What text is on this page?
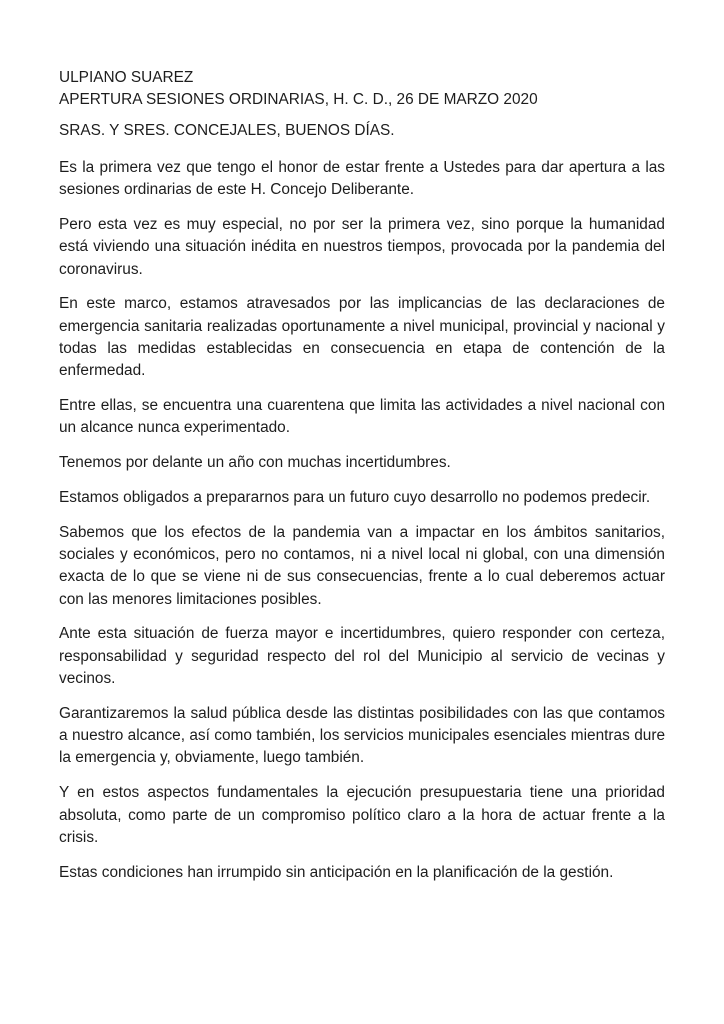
ULPIANO SUAREZ
APERTURA SESIONES ORDINARIAS, H. C. D., 26 DE MARZO 2020

SRAS. Y SRES. CONCEJALES, BUENOS DÍAS.

Es la primera vez que tengo el honor de estar frente a Ustedes para dar apertura a las sesiones ordinarias de este H. Concejo Deliberante.

Pero esta vez es muy especial, no por ser la primera vez, sino porque la humanidad está viviendo una situación inédita en nuestros tiempos, provocada por la pandemia del coronavirus.

En este marco, estamos atravesados por las implicancias de las declaraciones de emergencia sanitaria realizadas oportunamente a nivel municipal, provincial y nacional y todas las medidas establecidas en consecuencia en etapa de contención de la enfermedad.

Entre ellas, se encuentra una cuarentena que limita las actividades a nivel nacional con un alcance nunca experimentado.

Tenemos por delante un año con muchas incertidumbres.

Estamos obligados a prepararnos para un futuro cuyo desarrollo no podemos predecir.

Sabemos que los efectos de la pandemia van a impactar en los ámbitos sanitarios, sociales y económicos, pero no contamos, ni a nivel local ni global, con una dimensión exacta de lo que se viene ni de sus consecuencias, frente a lo cual deberemos actuar con las menores limitaciones posibles.

Ante esta situación de fuerza mayor e incertidumbres, quiero responder con certeza, responsabilidad y seguridad respecto del rol del Municipio al servicio de vecinas y vecinos.

Garantizaremos la salud pública desde las distintas posibilidades con las que contamos a nuestro alcance, así como también, los servicios municipales esenciales mientras dure la emergencia y, obviamente, luego también.

Y en estos aspectos fundamentales la ejecución presupuestaria tiene una prioridad absoluta, como parte de un compromiso político claro a la hora de actuar frente a la crisis.

Estas condiciones han irrumpido sin anticipación en la planificación de la gestión.
